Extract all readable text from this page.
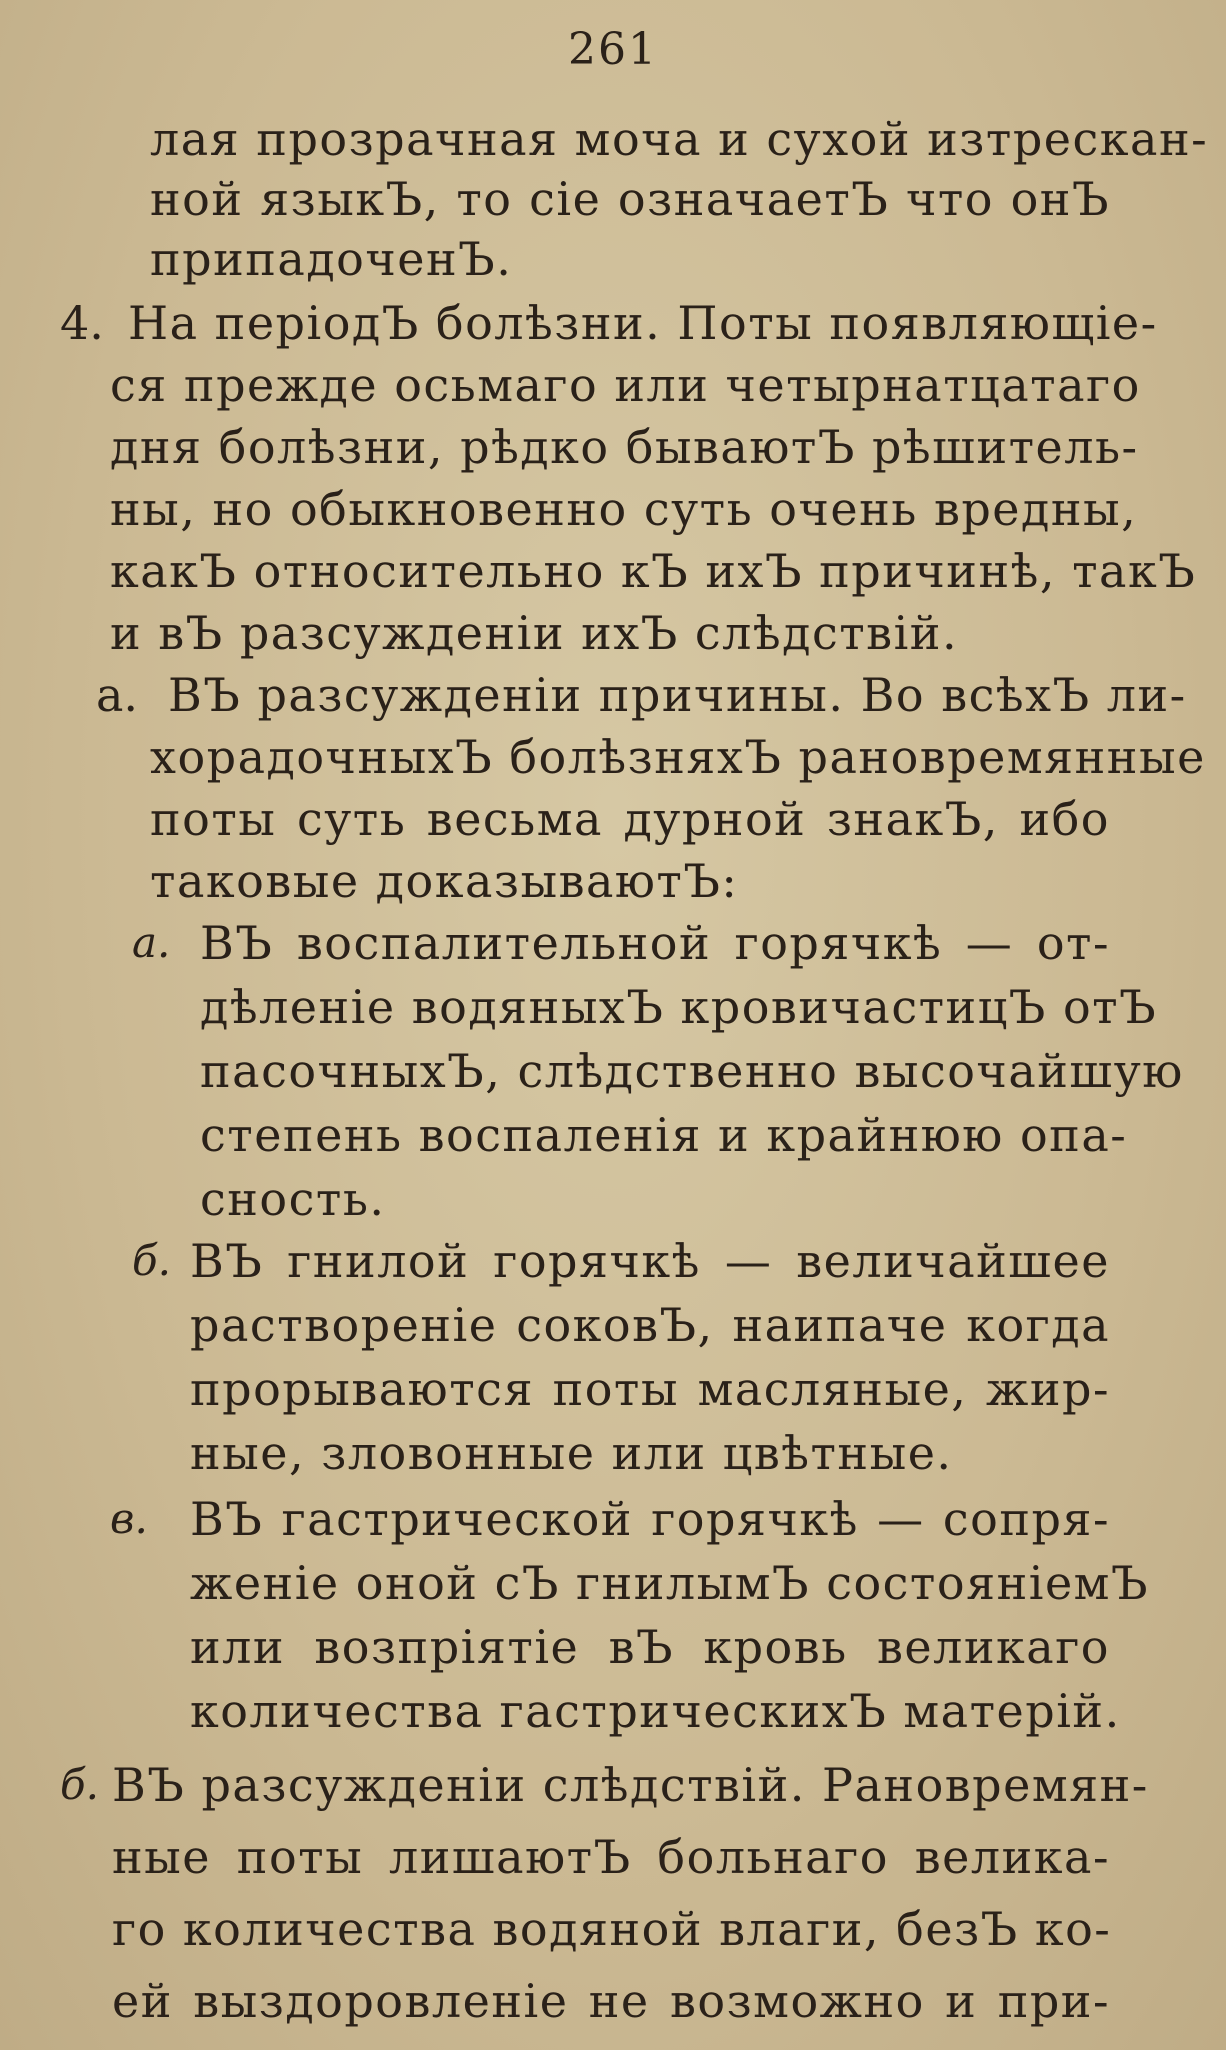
261
лая прозрачная моча и сухой изтрескан-
ной языкЪ, то сіе означаетЪ что онЪ
припадоченЪ.
4. На періодЪ болѣзни. Поты появляющіе-
ся прежде осьмаго или четырнатцатаго
дня болѣзни, рѣдко бываютЪ рѣшитель-
ны, но обыкновенно суть очень вредны,
какЪ относительно кЪ ихЪ причинѣ, такЪ
и вЪ разсужденіи ихЪ слѣдствій.
a. ВЪ разсужденіи причины. Во всѣхЪ ли-
хорадочныхЪ болѣзняхЪ рановремянные
поты суть весьма дурной знакЪ, ибо
таковые доказываютЪ:
а. ВЪ воспалительной горячкѣ — от-
дѣленіе водяныхЪ кровичастицЪ отЪ
пасочныхЪ, слѣдственно высочайшую
степень воспаленія и крайнюю опа-
сность.
б. ВЪ гнилой горячкѣ — величайшее
раствореніе соковЪ, наипаче когда
прорываются поты масляные, жир-
ные, зловонные или цвѣтные.
в. ВЪ гастрической горячкѣ — сопря-
женіе оной сЪ гнилымЪ состояніемЪ
или возпріятіе вЪ кровь великаго
количества гастрическихЪ матерій.
б. ВЪ разсужденіи слѣдствій. Рановремян-
ные поты лишаютЪ больнаго велика-
го количества водяной влаги, безЪ ко-
ей выздоровленіе не возможно и при-
